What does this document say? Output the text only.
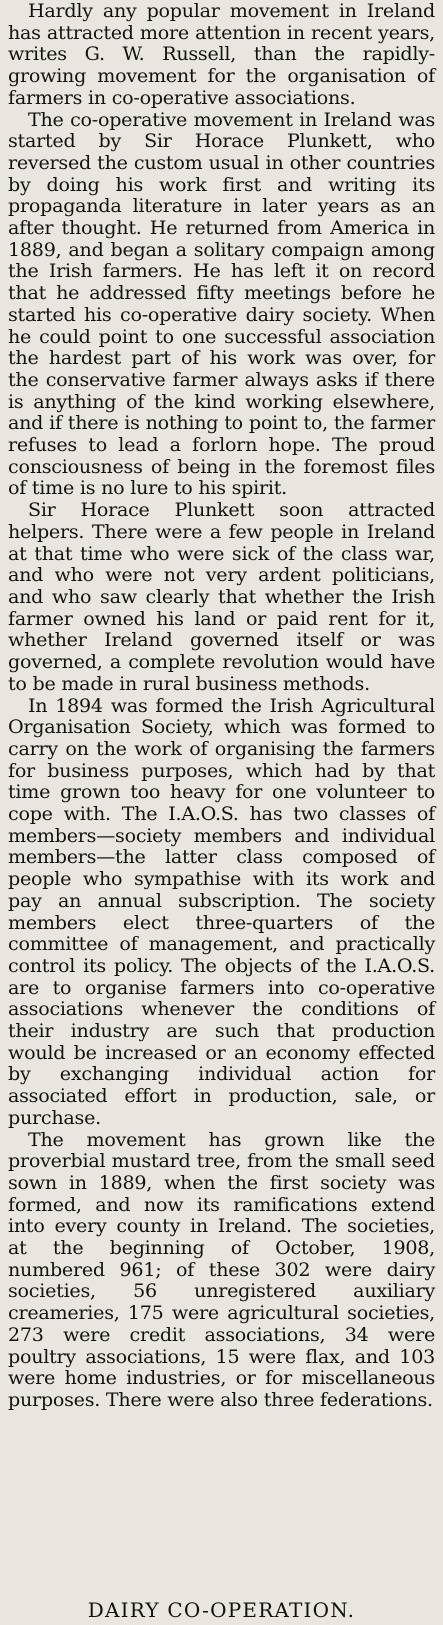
Hardly any popular movement in Ireland has attracted more attention in recent years, writes G. W. Russell, than the rapidly-growing movement for the organisation of farmers in co-operative associations.

The co-operative movement in Ireland was started by Sir Horace Plunkett, who reversed the custom usual in other countries by doing his work first and writing its propaganda literature in later years as an after thought. He returned from America in 1889, and began a solitary compaign among the Irish farmers. He has left it on record that he addressed fifty meetings before he started his co-operative dairy society. When he could point to one successful association the hardest part of his work was over, for the conservative farmer always asks if there is anything of the kind working elsewhere, and if there is nothing to point to, the farmer refuses to lead a forlorn hope. The proud consciousness of being in the foremost files of time is no lure to his spirit.

Sir Horace Plunkett soon attracted helpers. There were a few people in Ireland at that time who were sick of the class war, and who were not very ardent politicians, and who saw clearly that whether the Irish farmer owned his land or paid rent for it, whether Ireland governed itself or was governed, a complete revolution would have to be made in rural business methods.

In 1894 was formed the Irish Agricultural Organisation Society, which was formed to carry on the work of organising the farmers for business purposes, which had by that time grown too heavy for one volunteer to cope with. The I.A.O.S. has two classes of members—society members and individual members—the latter class composed of people who sympathise with its work and pay an annual subscription. The society members elect three-quarters of the committee of management, and practically control its policy. The objects of the I.A.O.S. are to organise farmers into co-operative associations whenever the conditions of their industry are such that production would be increased or an economy effected by exchanging individual action for associated effort in production, sale, or purchase.

The movement has grown like the proverbial mustard tree, from the small seed sown in 1889, when the first society was formed, and now its ramifications extend into every county in Ireland. The societies, at the beginning of October, 1908, numbered 961; of these 302 were dairy societies, 56 unregistered auxiliary creameries, 175 were agricultural societies, 273 were credit associations, 34 were poultry associations, 15 were flax, and 103 were home industries, or for miscellaneous purposes. There were also three federations.

DAIRY CO-OPERATION.
